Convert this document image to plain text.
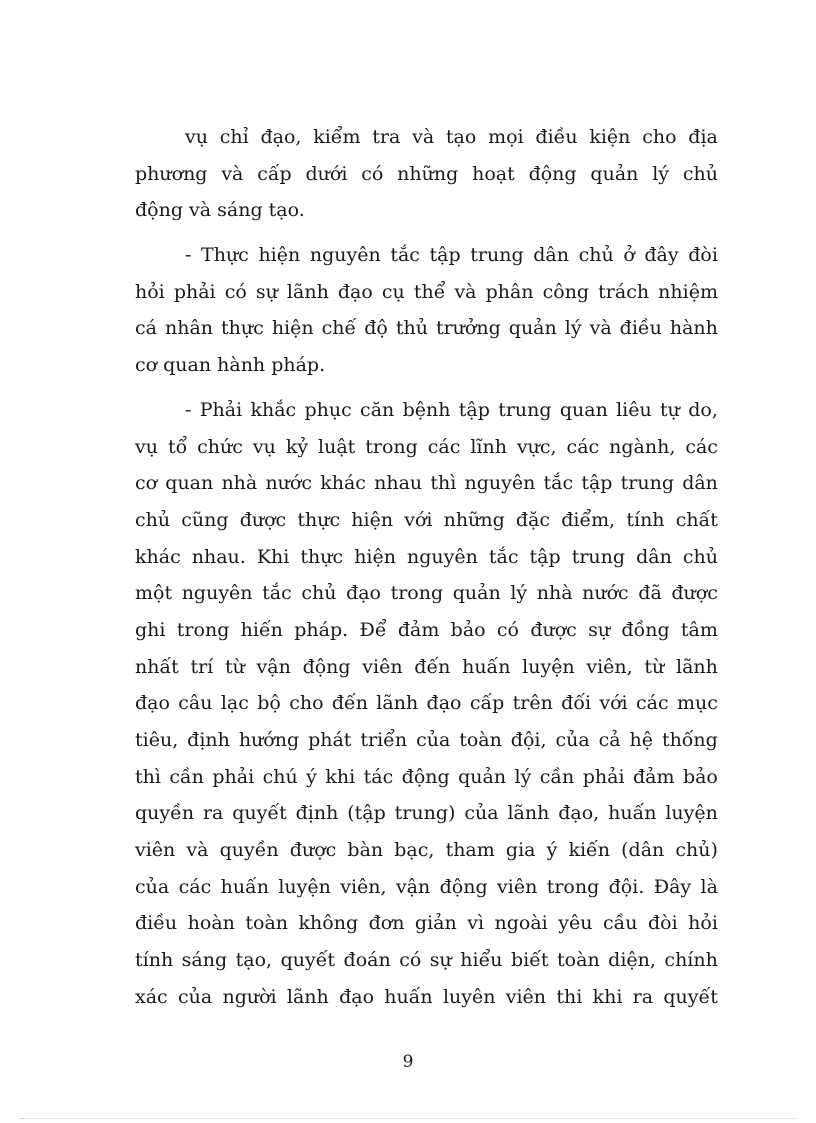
vụ chỉ đạo, kiểm tra và tạo mọi điều kiện cho địa
phương và cấp dưới có những hoạt động quản lý chủ
động và sáng tạo.
- Thực hiện nguyên tắc tập trung dân chủ ở đây đòi
hỏi phải có sự lãnh đạo cụ thể và phân công trách nhiệm
cá nhân thực hiện chế độ thủ trưởng quản lý và điều hành
cơ quan hành pháp.
- Phải khắc phục căn bệnh tập trung quan liêu tự do,
vụ tổ chức vụ kỷ luật trong các lĩnh vực, các ngành, các
cơ quan nhà nước khác nhau thì nguyên tắc tập trung dân
chủ cũng được thực hiện với những đặc điểm, tính chất
khác nhau. Khi thực hiện nguyên tắc tập trung dân chủ
một nguyên tắc chủ đạo trong quản lý nhà nước đã được
ghi trong hiến pháp. Để đảm bảo có được sự đồng tâm
nhất trí từ vận động viên đến huấn luyện viên, từ lãnh
đạo câu lạc bộ cho đến lãnh đạo cấp trên đối với các mục
tiêu, định hướng phát triển của toàn đội, của cả hệ thống
thì cần phải chú ý khi tác động quản lý cần phải đảm bảo
quyền ra quyết định (tập trung) của lãnh đạo, huấn luyện
viên và quyền được bàn bạc, tham gia ý kiến (dân chủ)
của các huấn luyện viên, vận động viên trong đội. Đây là
điều hoàn toàn không đơn giản vì ngoài yêu cầu đòi hỏi
tính sáng tạo, quyết đoán có sự hiểu biết toàn diện, chính
xác của người lãnh đạo huấn luyên viên thi khi ra quyết
9
